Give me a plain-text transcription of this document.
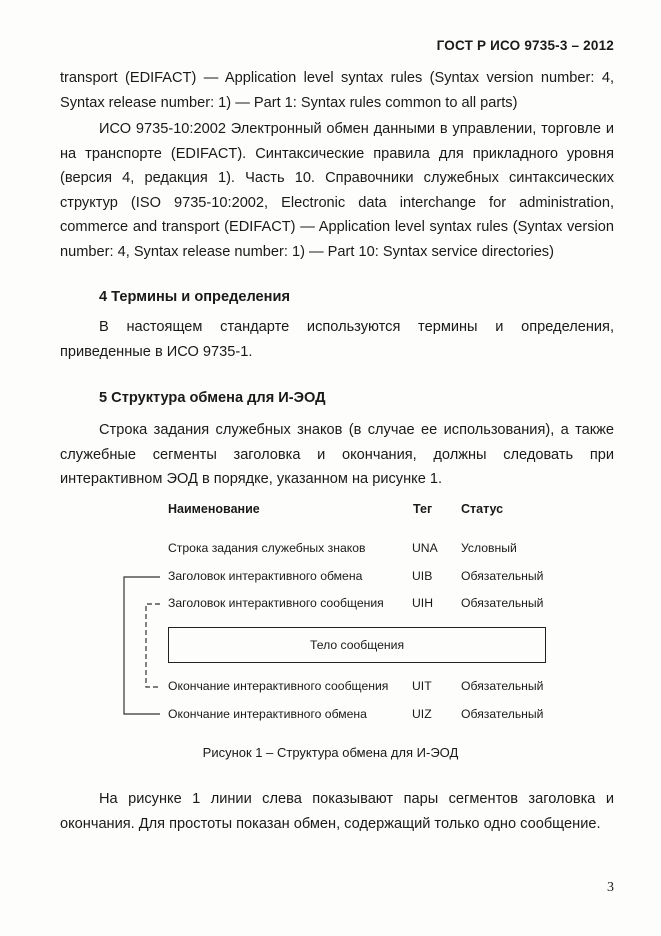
ГОСТ Р ИСО 9735-3 – 2012
transport (EDIFACT) — Application level syntax rules (Syntax version number: 4,
Syntax release number: 1) — Part 1: Syntax rules common to all parts)
ИСО 9735-10:2002 Электронный обмен данными в управлении, торговле и
на транспорте (EDIFACT). Синтаксические правила для прикладного уровня
(версия 4, редакция 1). Часть 10. Справочники служебных синтаксических
структур (ISO 9735-10:2002, Electronic data interchange for administration,
commerce and transport (EDIFACT) — Application level syntax rules (Syntax version
number: 4, Syntax release number: 1) — Part 10: Syntax service directories)
4 Термины и определения
В настоящем стандарте используются термины и определения,
приведенные в ИСО 9735-1.
5 Структура обмена для И-ЭОД
Строка задания служебных знаков (в случае ее использования), а также
служебные сегменты заголовка и окончания, должны следовать при
интерактивном ЭОД в порядке, указанном на рисунке 1.
Наименование	Тег Статус
Строка задания служебных знаков	UNA Условный
Заголовок интерактивного обмена	UIB Обязательный
Заголовок интерактивного сообщения UIH Обязательный
Тело сообщения
Окончание интерактивного сообщения UIT Обязательный
Окончание интерактивного обмена	UIZ Обязательный
Рисунок 1 – Структура обмена для И-ЭОД
На рисунке 1 линии слева показывают пары сегментов заголовка и
окончания. Для простоты показан обмен, содержащий только одно сообщение.
3
